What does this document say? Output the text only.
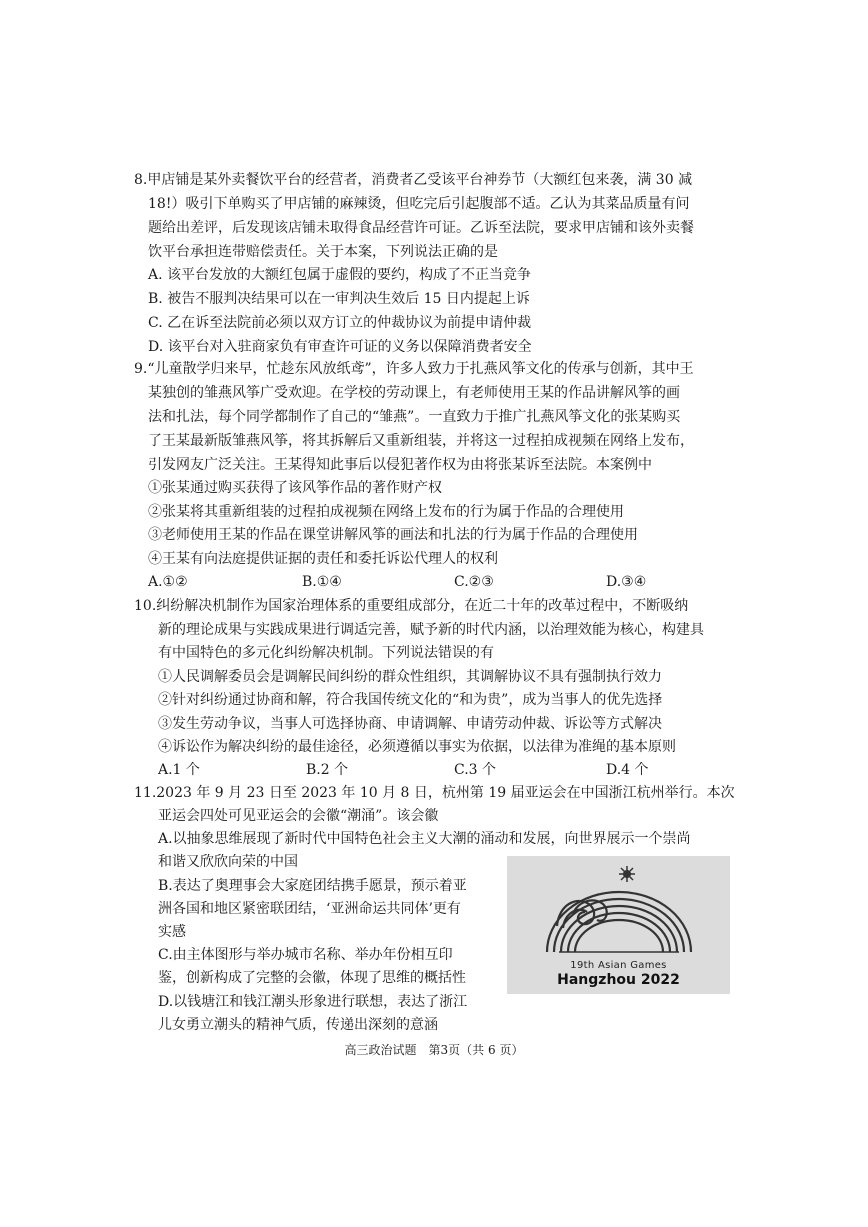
8.甲店铺是某外卖餐饮平台的经营者，消费者乙受该平台神券节（大额红包来袭，满 30 减
18!）吸引下单购买了甲店铺的麻辣烫，但吃完后引起腹部不适。乙认为其菜品质量有问
题给出差评，后发现该店铺未取得食品经营许可证。乙诉至法院，要求甲店铺和该外卖餐
饮平台承担连带赔偿责任。关于本案，下列说法正确的是
A. 该平台发放的大额红包属于虚假的要约，构成了不正当竞争
B. 被告不服判决结果可以在一审判决生效后 15 日内提起上诉
C. 乙在诉至法院前必须以双方订立的仲裁协议为前提申请仲裁
D. 该平台对入驻商家负有审查许可证的义务以保障消费者安全
9.“儿童散学归来早，忙趁东风放纸鸢”，许多人致力于扎燕风筝文化的传承与创新，其中王
某独创的雏燕风筝广受欢迎。在学校的劳动课上，有老师使用王某的作品讲解风筝的画
法和扎法，每个同学都制作了自己的“雏燕”。一直致力于推广扎燕风筝文化的张某购买
了王某最新版雏燕风筝，将其拆解后又重新组装，并将这一过程拍成视频在网络上发布，
引发网友广泛关注。王某得知此事后以侵犯著作权为由将张某诉至法院。本案例中
①张某通过购买获得了该风筝作品的著作财产权
②张某将其重新组装的过程拍成视频在网络上发布的行为属于作品的合理使用
③老师使用王某的作品在课堂讲解风筝的画法和扎法的行为属于作品的合理使用
④王某有向法庭提供证据的责任和委托诉讼代理人的权利
A.①②	B.①④	C.②③	D.③④
10.纠纷解决机制作为国家治理体系的重要组成部分，在近二十年的改革过程中，不断吸纳
新的理论成果与实践成果进行调适完善，赋予新的时代内涵，以治理效能为核心，构建具
有中国特色的多元化纠纷解决机制。下列说法错误的有
①人民调解委员会是调解民间纠纷的群众性组织，其调解协议不具有强制执行效力
②针对纠纷通过协商和解，符合我国传统文化的“和为贵”，成为当事人的优先选择
③发生劳动争议，当事人可选择协商、申请调解、申请劳动仲裁、诉讼等方式解决
④诉讼作为解决纠纷的最佳途径，必须遵循以事实为依据，以法律为准绳的基本原则
A.1 个	B.2 个	C.3 个	D.4 个
11.2023 年 9 月 23 日至 2023 年 10 月 8 日，杭州第 19 届亚运会在中国浙江杭州举行。本次
亚运会四处可见亚运会的会徽“潮涌”。该会徽
A.以抽象思维展现了新时代中国特色社会主义大潮的涌动和发展，向世界展示一个崇尚
和谐又欣欣向荣的中国
B.表达了奥理事会大家庭团结携手愿景，预示着亚
洲各国和地区紧密联团结，‘亚洲命运共同体’更有
实感
C.由主体图形与举办城市名称、举办年份相互印
鉴，创新构成了完整的会徽，体现了思维的概括性
D.以钱塘江和钱江潮头形象进行联想，表达了浙江
儿女勇立潮头的精神气质，传递出深刻的意涵
19th Asian Games
Hangzhou 2022
高三政治试题　第3页（共 6 页）
